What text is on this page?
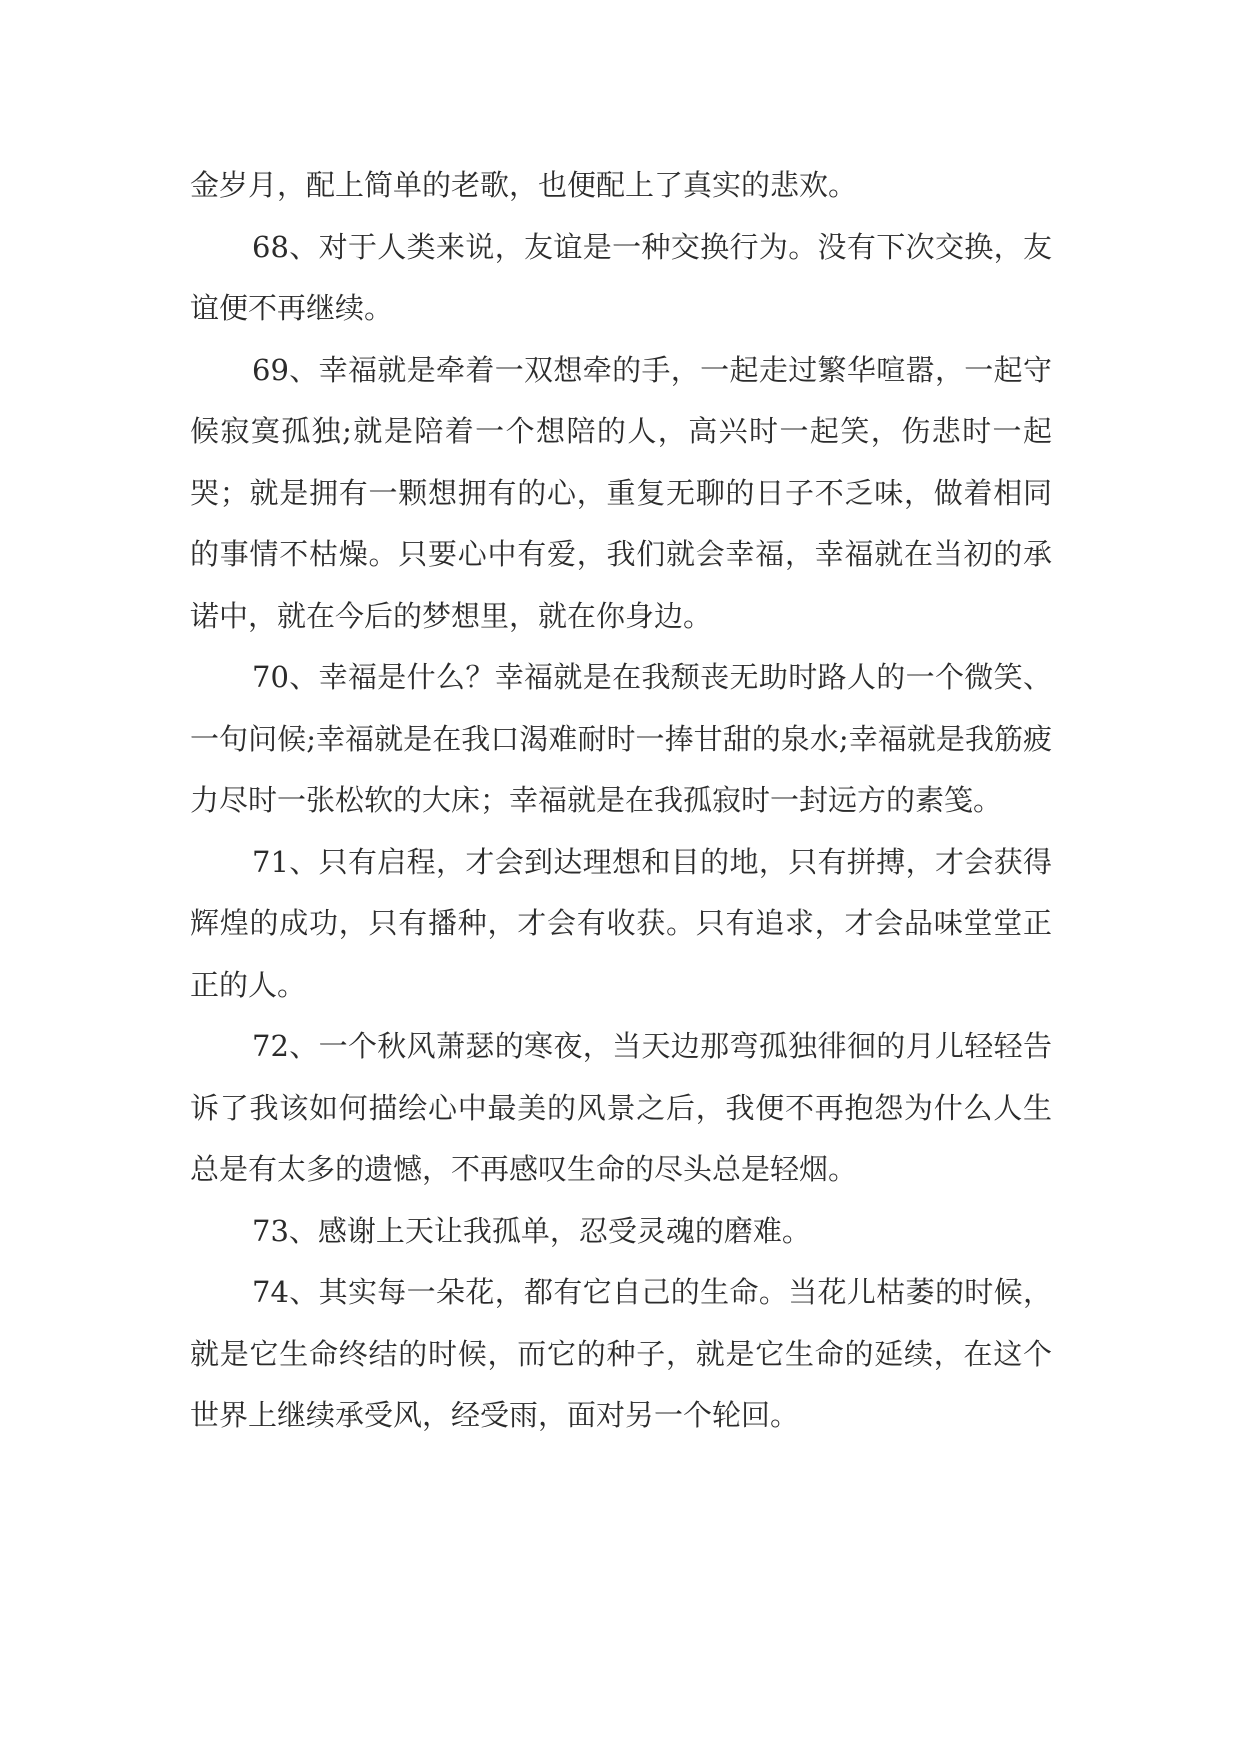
金岁月，配上简单的老歌，也便配上了真实的悲欢。

68、对于人类来说，友谊是一种交换行为。没有下次交换，友谊便不再继续。

69、幸福就是牵着一双想牵的手，一起走过繁华喧嚣，一起守候寂寞孤独;就是陪着一个想陪的人，高兴时一起笑，伤悲时一起哭；就是拥有一颗想拥有的心，重复无聊的日子不乏味，做着相同的事情不枯燥。只要心中有爱，我们就会幸福，幸福就在当初的承诺中，就在今后的梦想里，就在你身边。

70、幸福是什么？幸福就是在我颓丧无助时路人的一个微笑、一句问候;幸福就是在我口渴难耐时一捧甘甜的泉水;幸福就是我筋疲力尽时一张松软的大床；幸福就是在我孤寂时一封远方的素笺。

71、只有启程，才会到达理想和目的地，只有拼搏，才会获得辉煌的成功，只有播种，才会有收获。只有追求，才会品味堂堂正正的人。

72、一个秋风萧瑟的寒夜，当天边那弯孤独徘徊的月儿轻轻告诉了我该如何描绘心中最美的风景之后，我便不再抱怨为什么人生总是有太多的遗憾，不再感叹生命的尽头总是轻烟。

73、感谢上天让我孤单，忍受灵魂的磨难。

74、其实每一朵花，都有它自己的生命。当花儿枯萎的时候，就是它生命终结的时候，而它的种子，就是它生命的延续，在这个世界上继续承受风，经受雨，面对另一个轮回。
